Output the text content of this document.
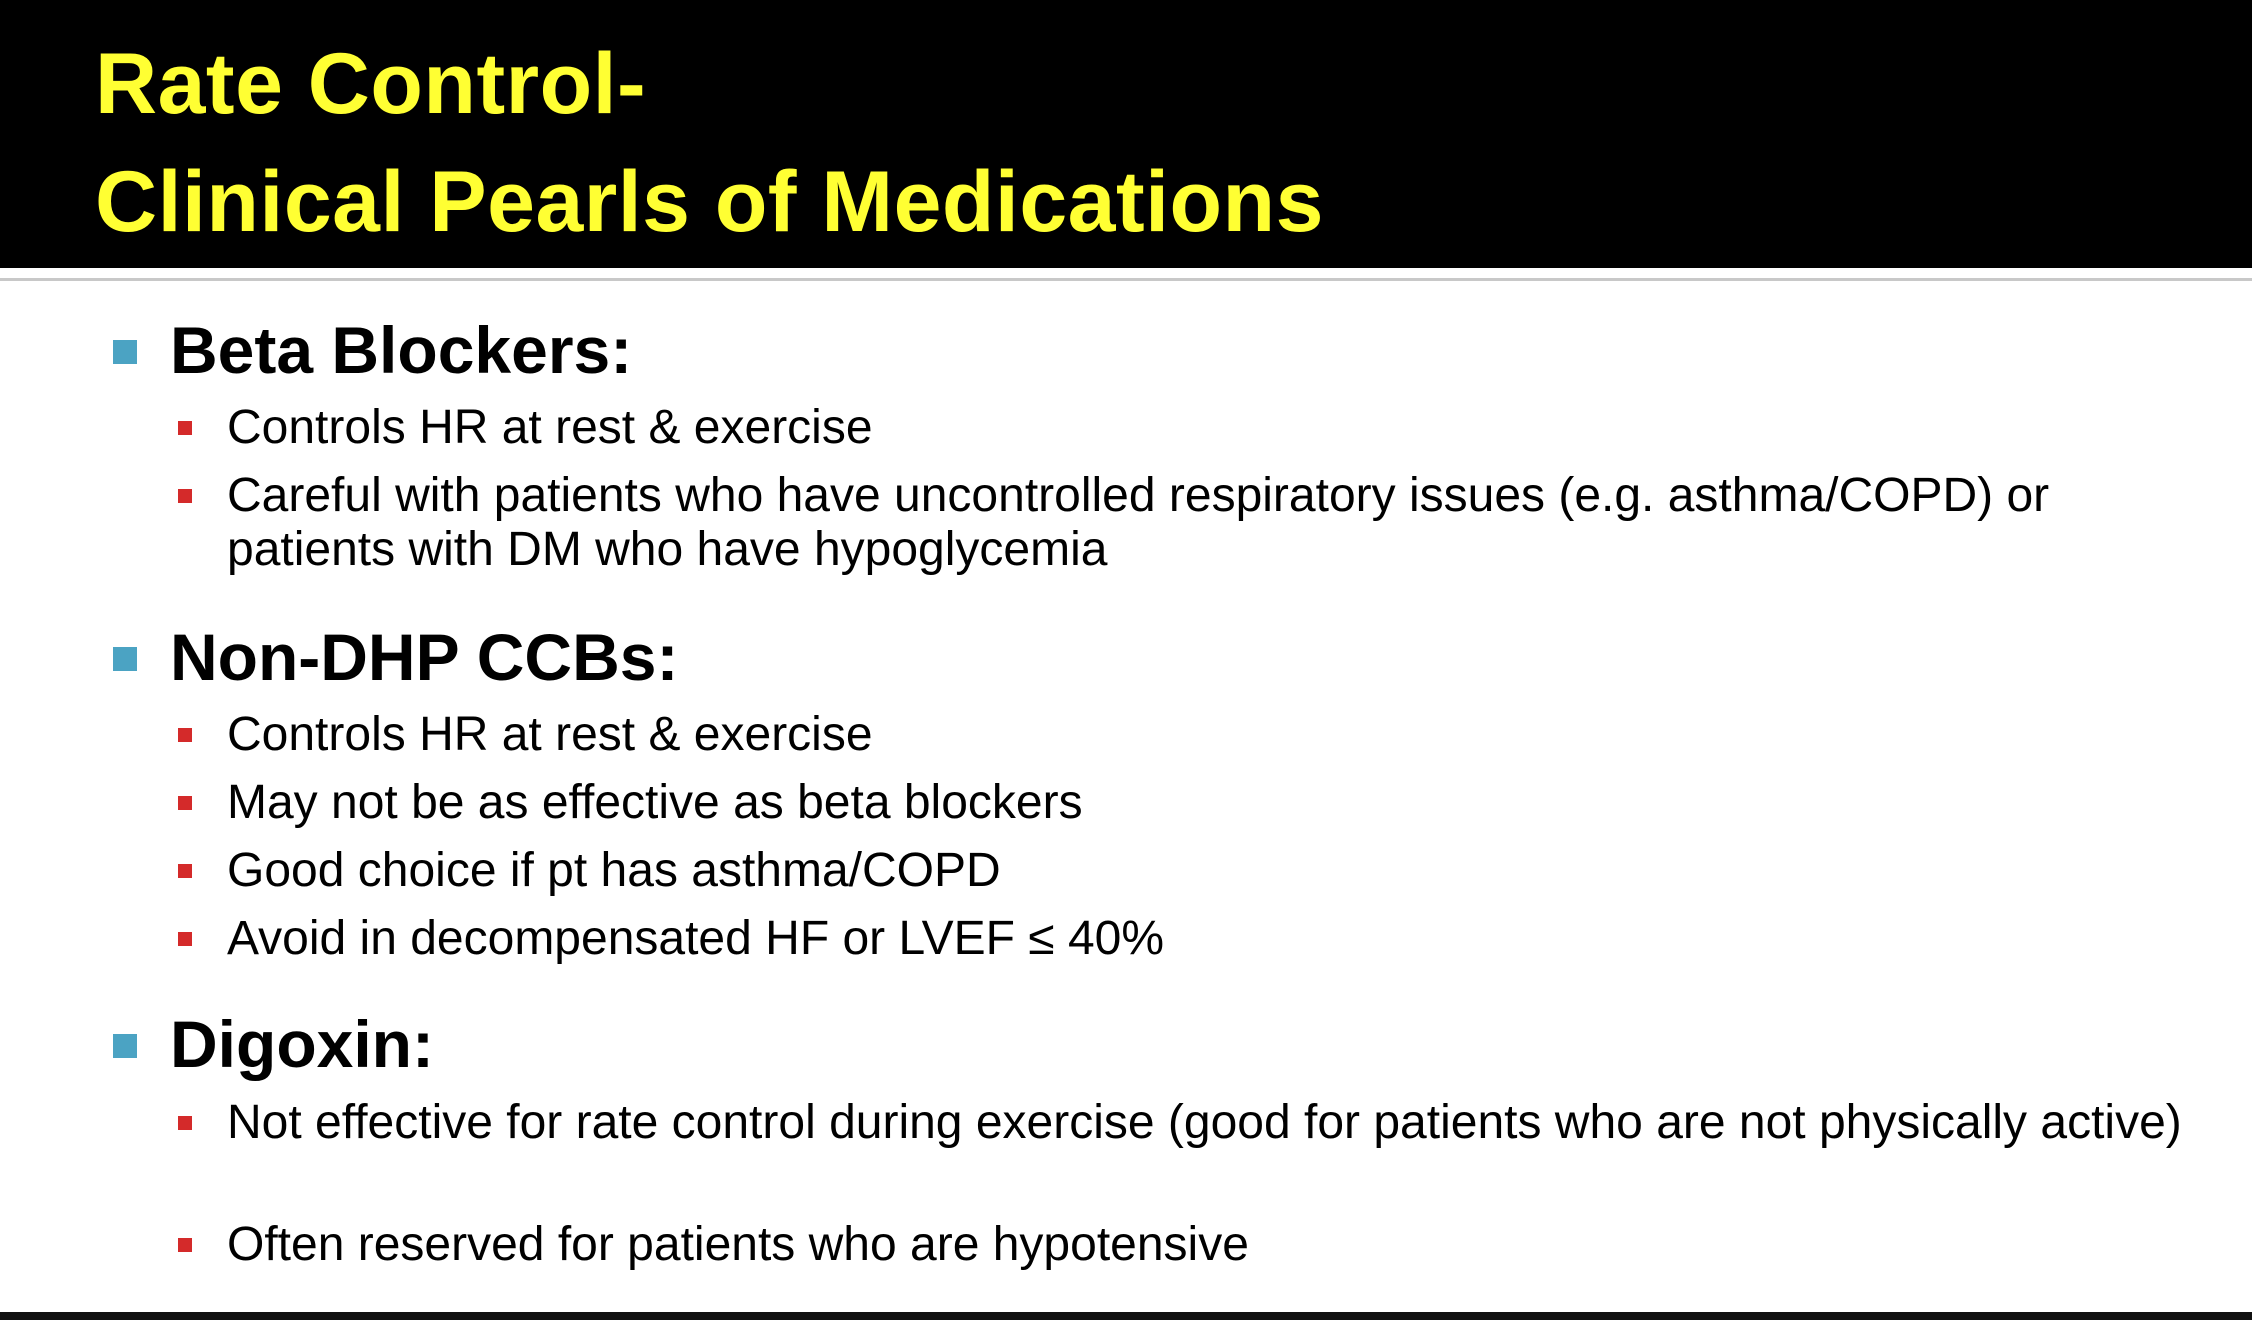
Rate Control-
Clinical Pearls of Medications
Beta Blockers:
Controls HR at rest & exercise
Careful with patients who have uncontrolled respiratory issues (e.g. asthma/COPD) or patients with DM who have hypoglycemia
Non-DHP CCBs:
Controls HR at rest & exercise
May not be as effective as beta blockers
Good choice if pt has asthma/COPD
Avoid in decompensated HF or LVEF ≤ 40%
Digoxin:
Not effective for rate control during exercise (good for patients who are not physically active)
Often reserved for patients who are hypotensive
